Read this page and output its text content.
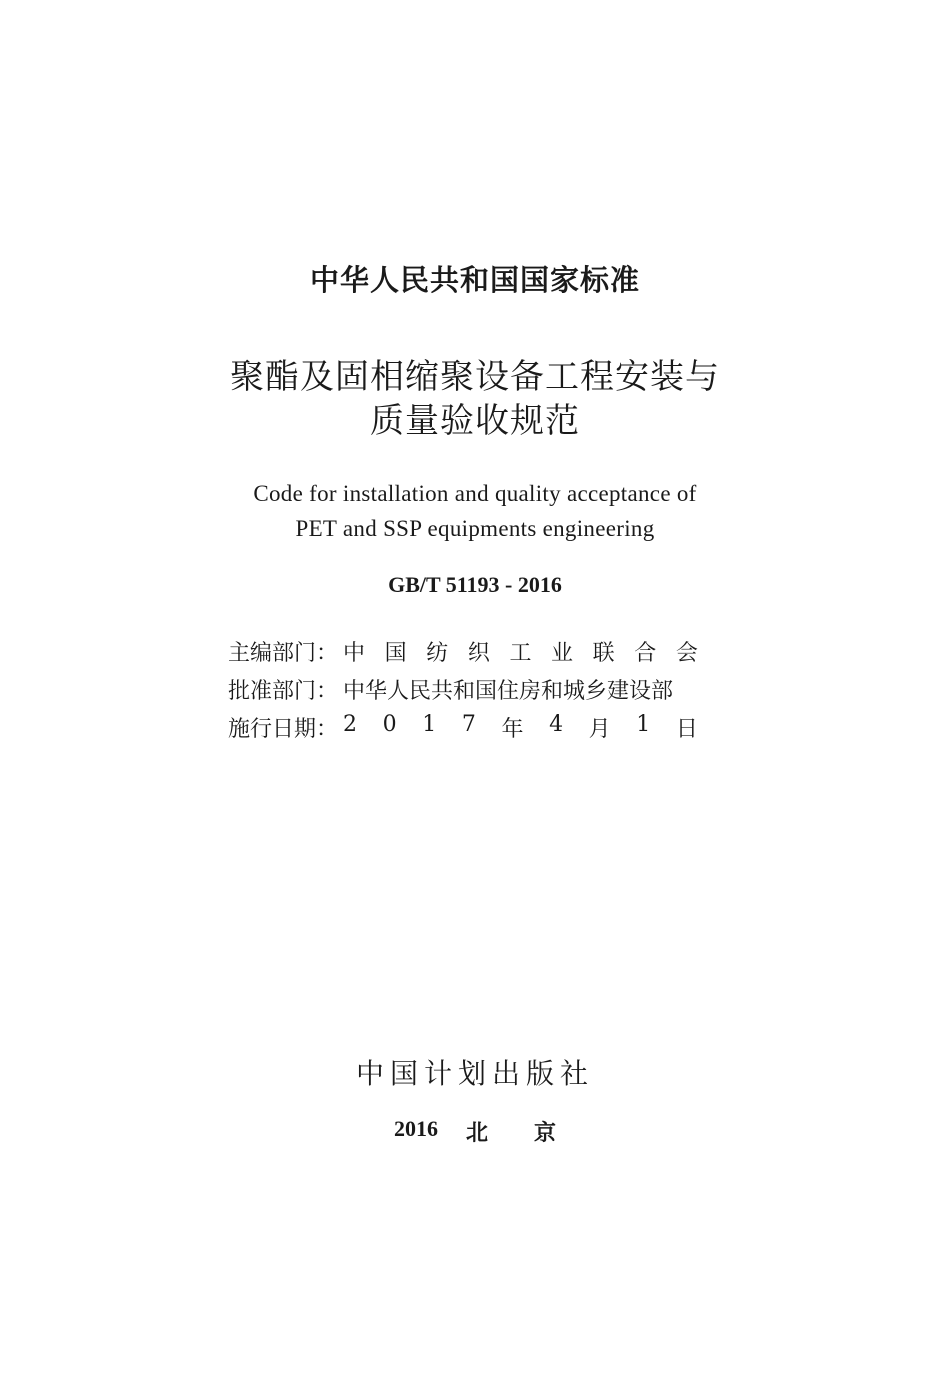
中华人民共和国国家标准
聚酯及固相缩聚设备工程安装与
质量验收规范
Code for installation and quality acceptance of
PET and SSP equipments engineering
GB/T 51193 - 2016
主编部门： 中 国 纺 织 工 业 联 合 会
批准部门： 中华人民共和国住房和城乡建设部
施行日期： 2 0 1 7 年 4 月 1 日
中国计划出版社
2016 北京
